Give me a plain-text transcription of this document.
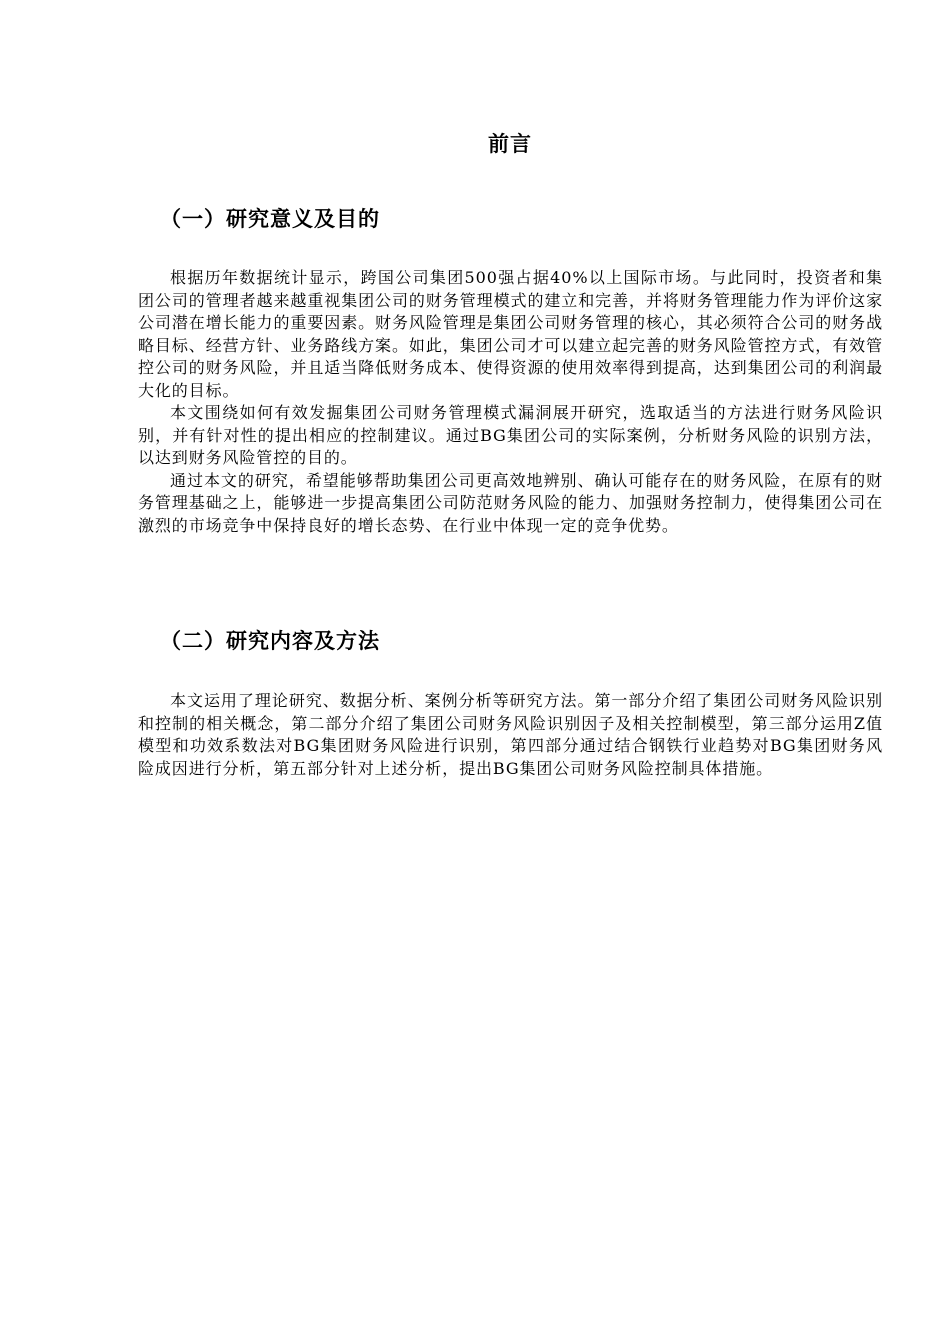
前言
（一）研究意义及目的

根据历年数据统计显示，跨国公司集团500强占据40%以上国际市场。与此同时，投资者和集团公司的管理者越来越重视集团公司的财务管理模式的建立和完善，并将财务管理能力作为评价这家公司潜在增长能力的重要因素。财务风险管理是集团公司财务管理的核心，其必须符合公司的财务战略目标、经营方针、业务路线方案。如此，集团公司才可以建立起完善的财务风险管控方式，有效管控公司的财务风险，并且适当降低财务成本、使得资源的使用效率得到提高，达到集团公司的利润最大化的目标。

本文围绕如何有效发掘集团公司财务管理模式漏洞展开研究，选取适当的方法进行财务风险识别，并有针对性的提出相应的控制建议。通过BG集团公司的实际案例，分析财务风险的识别方法，以达到财务风险管控的目的。

通过本文的研究，希望能够帮助集团公司更高效地辨别、确认可能存在的财务风险，在原有的财务管理基础之上，能够进一步提高集团公司防范财务风险的能力、加强财务控制力，使得集团公司在激烈的市场竞争中保持良好的增长态势、在行业中体现一定的竞争优势。

（二）研究内容及方法

本文运用了理论研究、数据分析、案例分析等研究方法。第一部分介绍了集团公司财务风险识别和控制的相关概念，第二部分介绍了集团公司财务风险识别因子及相关控制模型，第三部分运用Z值模型和功效系数法对BG集团财务风险进行识别，第四部分通过结合钢铁行业趋势对BG集团财务风险成因进行分析，第五部分针对上述分析，提出BG集团公司财务风险控制具体措施。
